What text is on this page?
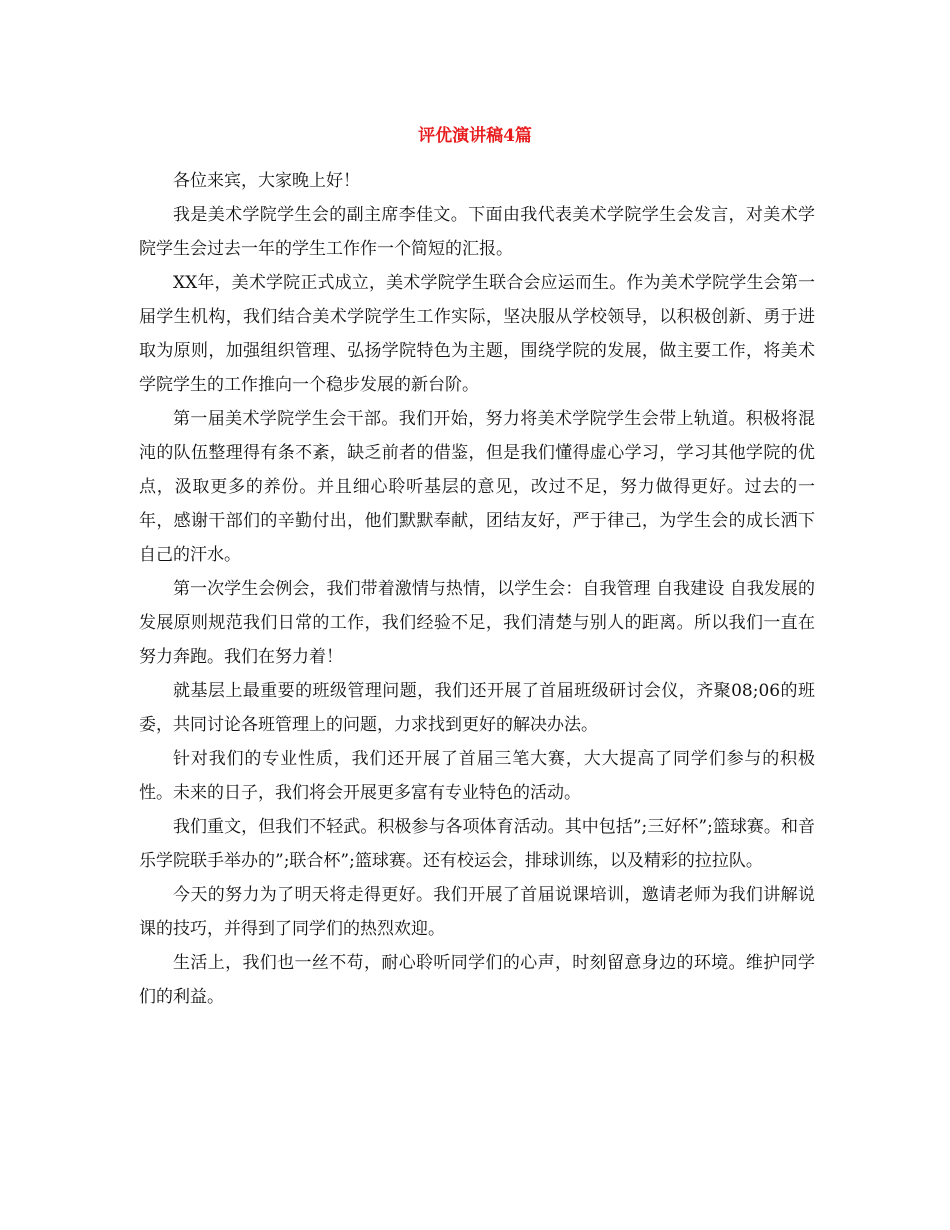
评优演讲稿4篇

各位来宾，大家晚上好！

我是美术学院学生会的副主席李佳文。下面由我代表美术学院学生会发言，对美术学院学生会过去一年的学生工作作一个简短的汇报。

XX年，美术学院正式成立，美术学院学生联合会应运而生。作为美术学院学生会第一届学生机构，我们结合美术学院学生工作实际，坚决服从学校领导，以积极创新、勇于进取为原则，加强组织管理、弘扬学院特色为主题，围绕学院的发展，做主要工作，将美术学院学生的工作推向一个稳步发展的新台阶。

第一届美术学院学生会干部。我们开始，努力将美术学院学生会带上轨道。积极将混沌的队伍整理得有条不紊，缺乏前者的借鉴，但是我们懂得虚心学习，学习其他学院的优点，汲取更多的养份。并且细心聆听基层的意见，改过不足，努力做得更好。过去的一年，感谢干部们的辛勤付出，他们默默奉献，团结友好，严于律己，为学生会的成长洒下自己的汗水。

第一次学生会例会，我们带着激情与热情，以学生会：自我管理 自我建设 自我发展的发展原则规范我们日常的工作，我们经验不足，我们清楚与别人的距离。所以我们一直在努力奔跑。我们在努力着！

就基层上最重要的班级管理问题，我们还开展了首届班级研讨会仪，齐聚08;06的班委，共同讨论各班管理上的问题，力求找到更好的解决办法。

针对我们的专业性质，我们还开展了首届三笔大赛，大大提高了同学们参与的积极性。未来的日子，我们将会开展更多富有专业特色的活动。

我们重文，但我们不轻武。积极参与各项体育活动。其中包括”;三好杯”;篮球赛。和音乐学院联手举办的”;联合杯”;篮球赛。还有校运会，排球训练，以及精彩的拉拉队。

今天的努力为了明天将走得更好。我们开展了首届说课培训，邀请老师为我们讲解说课的技巧，并得到了同学们的热烈欢迎。

生活上，我们也一丝不苟，耐心聆听同学们的心声，时刻留意身边的环境。维护同学们的利益。
